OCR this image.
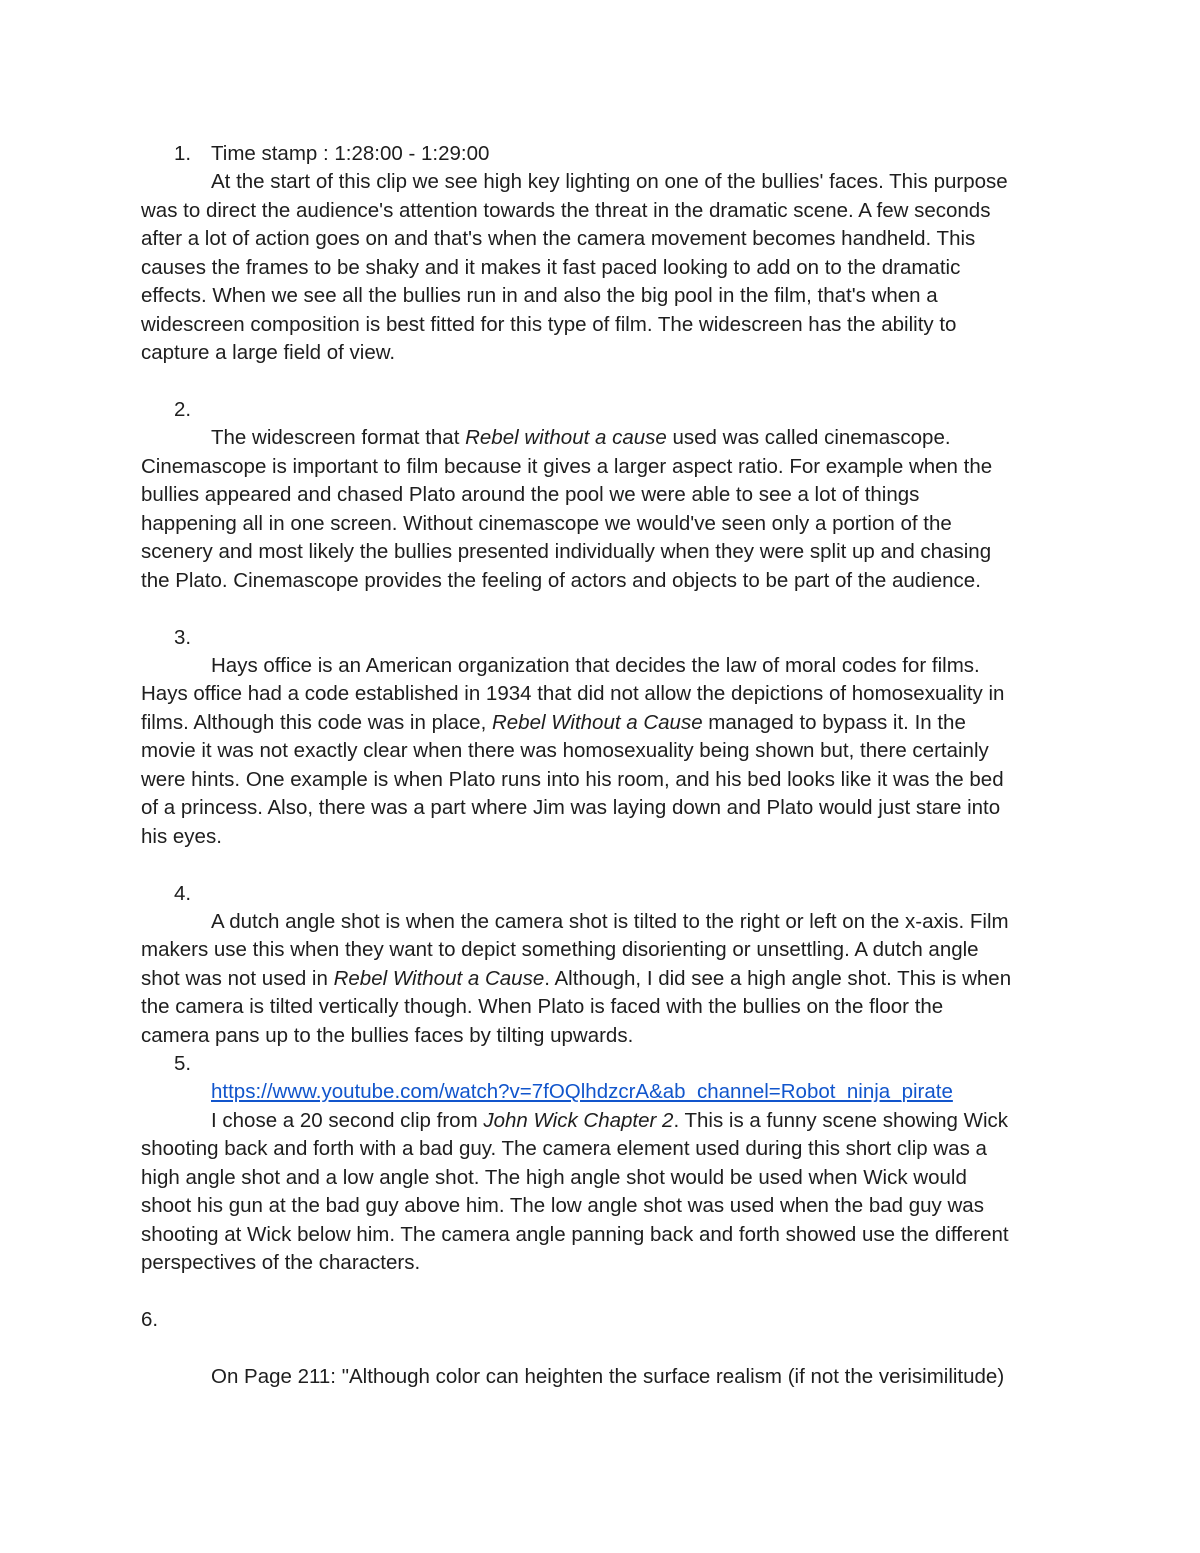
1. Time stamp : 1:28:00 - 1:29:00
At the start of this clip we see high key lighting on one of the bullies' faces. This purpose
was to direct the audience's attention towards the threat in the dramatic scene. A few seconds
after a lot of action goes on and that's when the camera movement becomes handheld. This
causes the frames to be shaky and it makes it fast paced looking to add on to the dramatic
effects. When we see all the bullies run in and also the big pool in the film, that's when a
widescreen composition is best fitted for this type of film. The widescreen has the ability to
capture a large field of view.
2.
The widescreen format that Rebel without a cause used was called cinemascope.
Cinemascope is important to film because it gives a larger aspect ratio. For example when the
bullies appeared and chased Plato around the pool we were able to see a lot of things
happening all in one screen. Without cinemascope we would've seen only a portion of the
scenery and most likely the bullies presented individually when they were split up and chasing
the Plato. Cinemascope provides the feeling of actors and objects to be part of the audience.
3.
Hays office is an American organization that decides the law of moral codes for films.
Hays office had a code established in 1934 that did not allow the depictions of homosexuality in
films. Although this code was in place, Rebel Without a Cause managed to bypass it. In the
movie it was not exactly clear when there was homosexuality being shown but, there certainly
were hints. One example is when Plato runs into his room, and his bed looks like it was the bed
of a princess. Also, there was a part where Jim was laying down and Plato would just stare into
his eyes.
4.
A dutch angle shot is when the camera shot is tilted to the right or left on the x-axis. Film
makers use this when they want to depict something disorienting or unsettling. A dutch angle
shot was not used in Rebel Without a Cause. Although, I did see a high angle shot. This is when
the camera is tilted vertically though. When Plato is faced with the bullies on the floor the
camera pans up to the bullies faces by tilting upwards.
5.
https://www.youtube.com/watch?v=7fOQlhdzcrA&ab_channel=Robot_ninja_pirate
I chose a 20 second clip from John Wick Chapter 2. This is a funny scene showing Wick
shooting back and forth with a bad guy. The camera element used during this short clip was a
high angle shot and a low angle shot. The high angle shot would be used when Wick would
shoot his gun at the bad guy above him. The low angle shot was used when the bad guy was
shooting at Wick below him. The camera angle panning back and forth showed use the different
perspectives of the characters.
6.
On Page 211: "Although color can heighten the surface realism (if not the verisimilitude)
